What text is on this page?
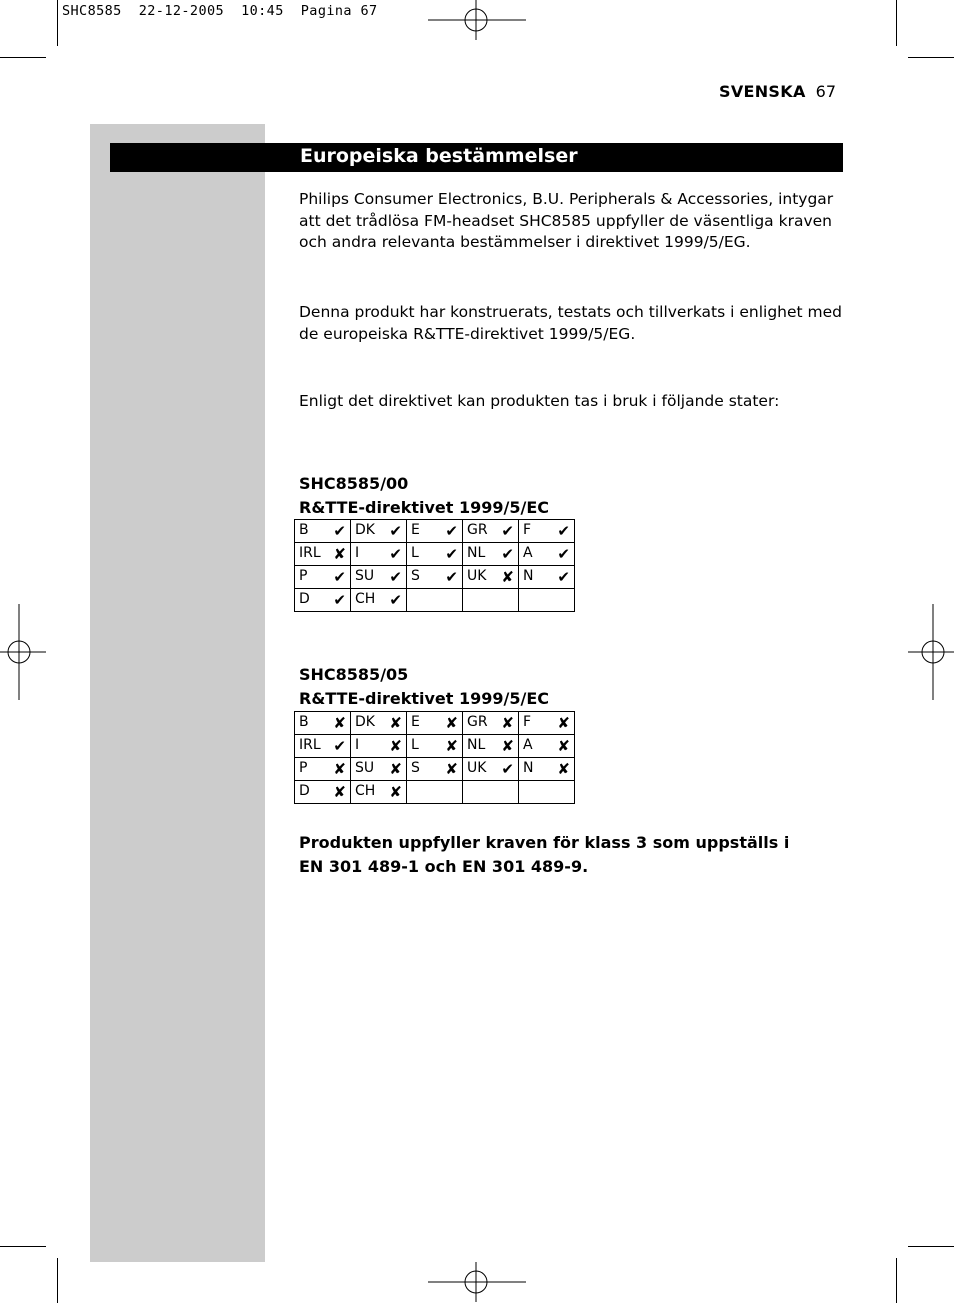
SHC8585  22-12-2005  10:45  Pagina 67
SVENSKA 67
Europeiska bestämmelser
Philips Consumer Electronics, B.U. Peripherals & Accessories, intygar att det trådlösa FM-headset SHC8585 uppfyller de väsentliga kraven och andra relevanta bestämmelser i direktivet 1999/5/EG.
Denna produkt har konstruerats, testats och tillverkats i enlighet med de europeiska R&TTE-direktivet 1999/5/EG.
Enligt det direktivet kan produkten tas i bruk i följande stater:
SHC8585/00
R&TTE-direktivet 1999/5/EC
B ✔	DK ✔	E ✔	GR ✔	F ✔

IRL ✘	I ✔	L ✔	NL ✔	A ✔

P ✔	SU ✔	S ✔	UK ✘	N ✔

D ✔	CH ✔			

SHC8585/05
R&TTE-direktivet 1999/5/EC
B ✘	DK ✘	E ✘	GR ✘	F ✘

IRL ✔	I ✘	L ✘	NL ✘	A ✘

P ✘	SU ✘	S ✘	UK ✔	N ✘

D ✘	CH ✘			

Produkten uppfyller kraven för klass 3 som uppställs i
EN 301 489-1 och EN 301 489-9.
